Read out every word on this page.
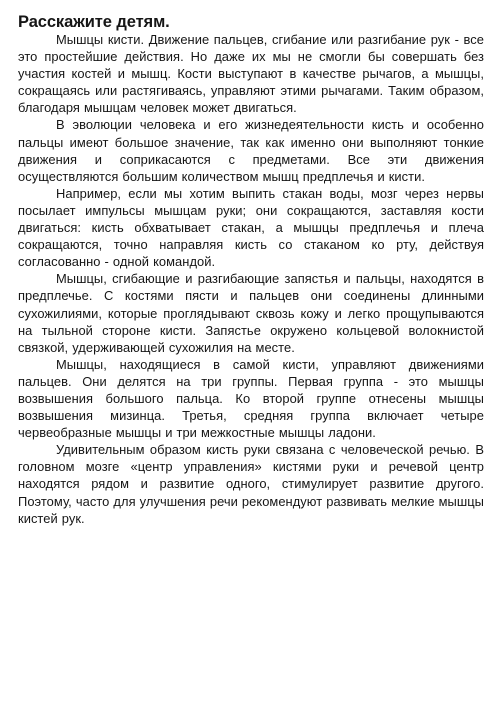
Расскажите детям.

Мышцы кисти. Движение пальцев, сгибание или разгибание рук - все это простейшие действия. Но даже их мы не смогли бы совершать без участия костей и мышц. Кости выступают в качестве рычагов, а мышцы, сокращаясь или растягиваясь, управляют этими рычагами. Таким образом, благодаря мышцам человек может двигаться.

В эволюции человека и его жизнедеятельности кисть и особенно пальцы имеют большое значение, так как именно они выполняют тонкие движения и соприкасаются с предметами. Все эти движения осуществляются большим количеством мышц предплечья и кисти.

Например, если мы хотим выпить стакан воды, мозг через нервы посылает импульсы мышцам руки; они сокращаются, заставляя кости двигаться: кисть обхватывает стакан, а мышцы предплечья и плеча сокращаются, точно направляя кисть со стаканом ко рту, действуя согласованно - одной командой.

Мышцы, сгибающие и разгибающие запястья и пальцы, находятся в предплечье. С костями пясти и пальцев они соединены длинными сухожилиями, которые проглядывают сквозь кожу и легко прощупываются на тыльной стороне кисти. Запястье окружено кольцевой волокнистой связкой, удерживающей сухожилия на месте.

Мышцы, находящиеся в самой кисти, управляют движениями пальцев. Они делятся на три группы. Первая группа - это мышцы возвышения большого пальца. Ко второй группе отнесены мышцы возвышения мизинца. Третья, средняя группа включает четыре червеобразные мышцы и три межкостные мышцы ладони.

Удивительным образом кисть руки связана с человеческой речью. В головном мозге «центр управления» кистями руки и речевой центр находятся рядом и развитие одного, стимулирует развитие другого. Поэтому, часто для улучшения речи рекомендуют развивать мелкие мышцы кистей рук.
